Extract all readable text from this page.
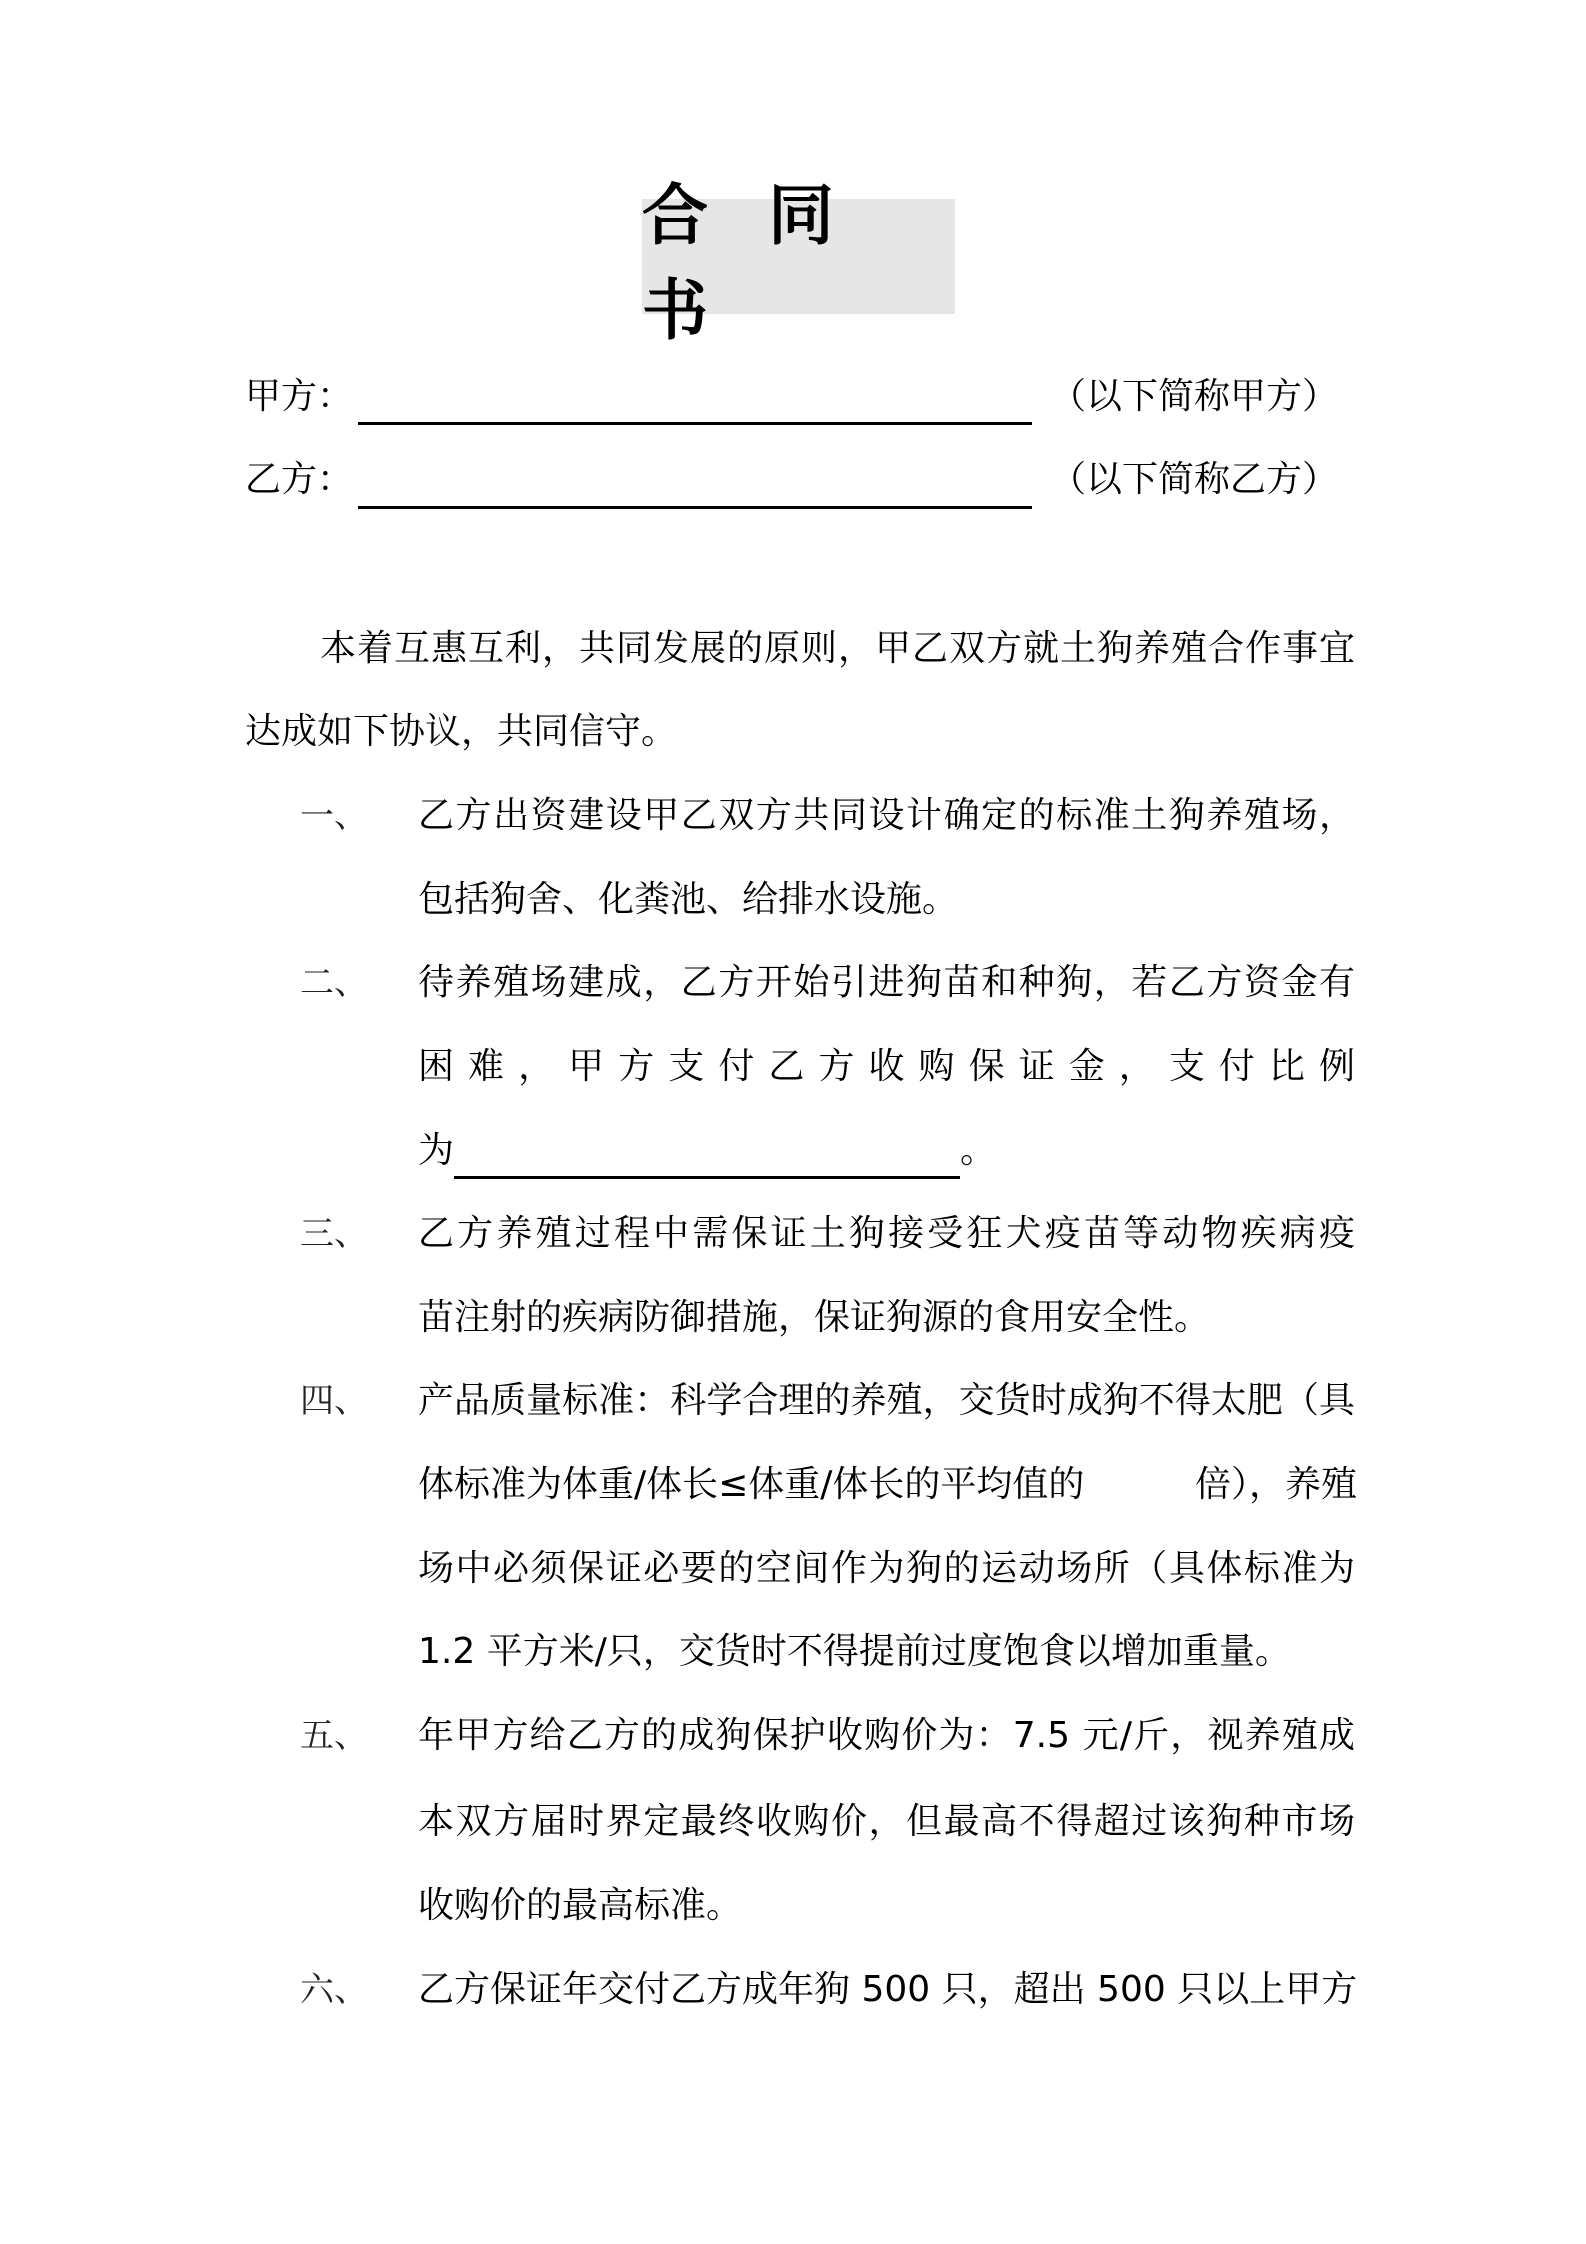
合同书
甲方：	（以下简称甲方）
乙方：	（以下简称乙方）
本着互惠互利，共同发展的原则，甲乙双方就土狗养殖合作事宜
达成如下协议，共同信守。
一、 乙方出资建设甲乙双方共同设计确定的标准土狗养殖场，
包括狗舍、化粪池、给排水设施。
二、 待养殖场建成，乙方开始引进狗苗和种狗，若乙方资金有
困难，甲方支付乙方收购保证金，支付比例
为	。
三、 乙方养殖过程中需保证土狗接受狂犬疫苗等动物疾病疫
苗注射的疾病防御措施，保证狗源的食用安全性。
四、 产品质量标准：科学合理的养殖，交货时成狗不得太肥（具
体标准为体重/体长≤体重/体长的平均值的	倍），养殖
场中必须保证必要的空间作为狗的运动场所（具体标准为
1.2 平方米/只，交货时不得提前过度饱食以增加重量。
五、 年甲方给乙方的成狗保护收购价为：7.5 元/斤，视养殖成
本双方届时界定最终收购价，但最高不得超过该狗种市场
收购价的最高标准。
六、 乙方保证年交付乙方成年狗 500 只，超出 500 只以上甲方
